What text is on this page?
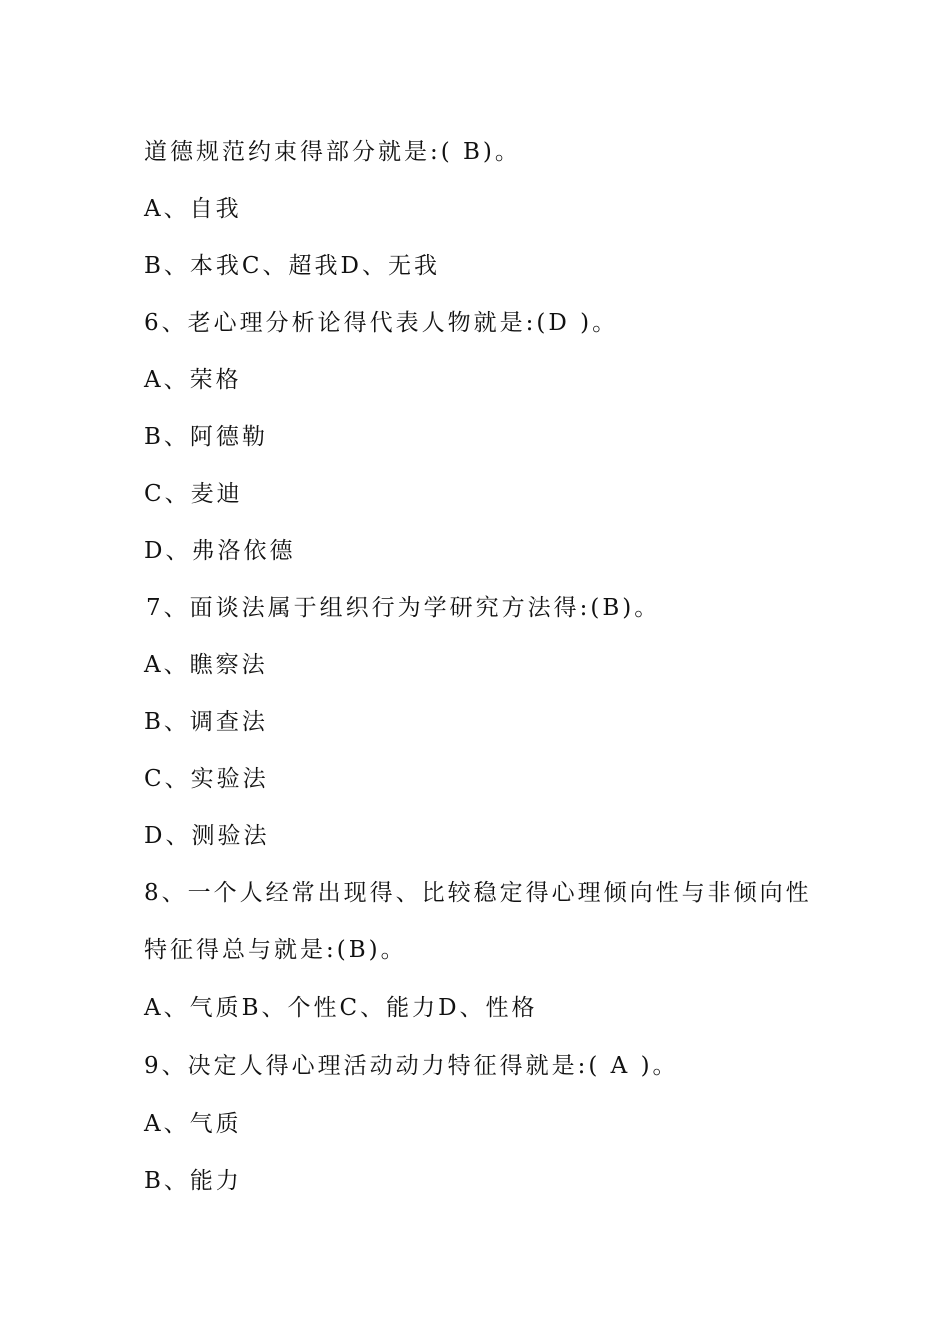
道德规范约束得部分就是:( B)。
A、自我
B、本我C、超我D、无我
6、老心理分析论得代表人物就是:(D )。
A、荣格
B、阿德勒
C、麦迪
D、弗洛依德
7、面谈法属于组织行为学研究方法得:(B)。
A、瞧察法
B、调查法
C、实验法
D、测验法
8、一个人经常出现得、比较稳定得心理倾向性与非倾向性
特征得总与就是:(B)。
A、气质B、个性C、能力D、性格
9、决定人得心理活动动力特征得就是:( A )。
A、气质
B、能力
